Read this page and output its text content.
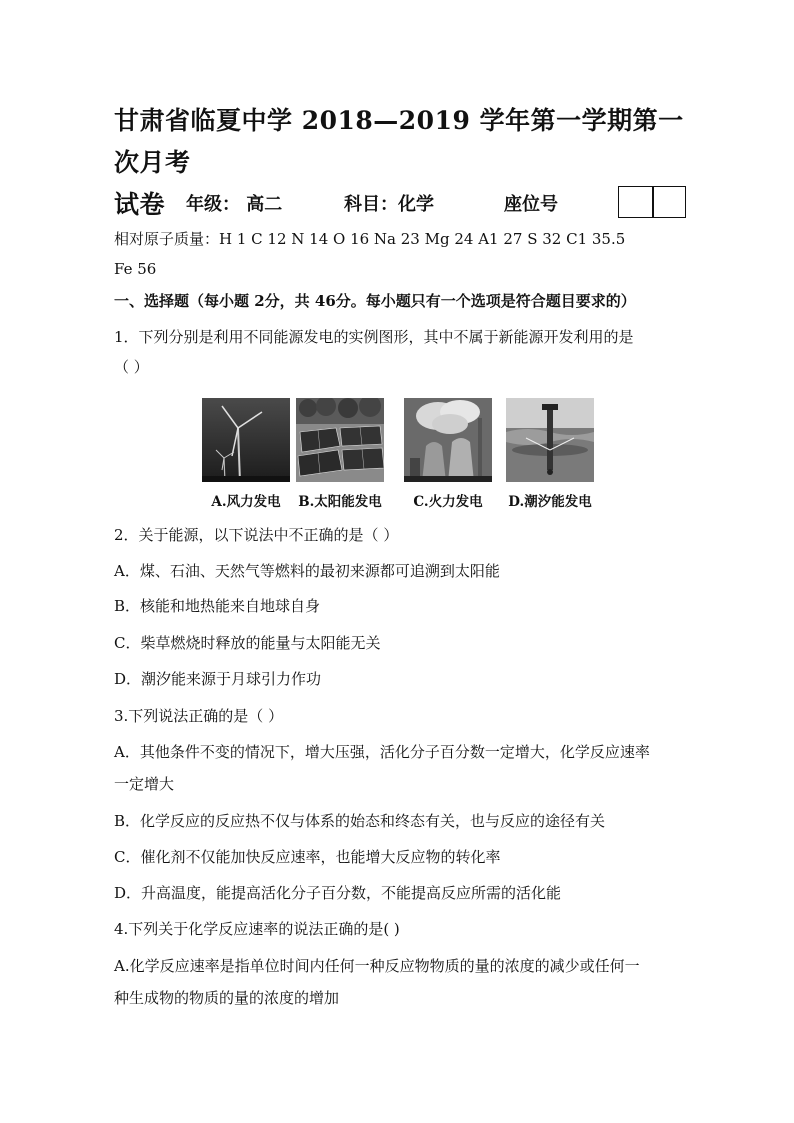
甘肃省临夏中学 2018—2019 学年第一学期第一次月考
试卷	年级： 高二	科目：化学	座位号
相对原子质量：H 1 C 12 N 14 O 16 Na 23 Mg 24 A1 27 S 32 C1 35.5
Fe 56
一、选择题（每小题 2分，共 46分。每小题只有一个选项是符合题目要求的）
1．下列分别是利用不同能源发电的实例图形，其中不属于新能源开发利用的是
（ ）
A.风力发电	B.太阳能发电	C.火力发电	D.潮汐能发电
2．关于能源，以下说法中不正确的是（ ）
A．煤、石油、天然气等燃料的最初来源都可追溯到太阳能
B．核能和地热能来自地球自身
C．柴草燃烧时释放的能量与太阳能无关
D．潮汐能来源于月球引力作功
3.下列说法正确的是（ ）
A．其他条件不变的情况下，增大压强，活化分子百分数一定增大，化学反应速率
一定增大
B．化学反应的反应热不仅与体系的始态和终态有关，也与反应的途径有关
C．催化剂不仅能加快反应速率，也能增大反应物的转化率
D．升高温度，能提高活化分子百分数，不能提高反应所需的活化能
4.下列关于化学反应速率的说法正确的是( )
A.化学反应速率是指单位时间内任何一种反应物物质的量的浓度的减少或任何一
种生成物的物质的量的浓度的增加
